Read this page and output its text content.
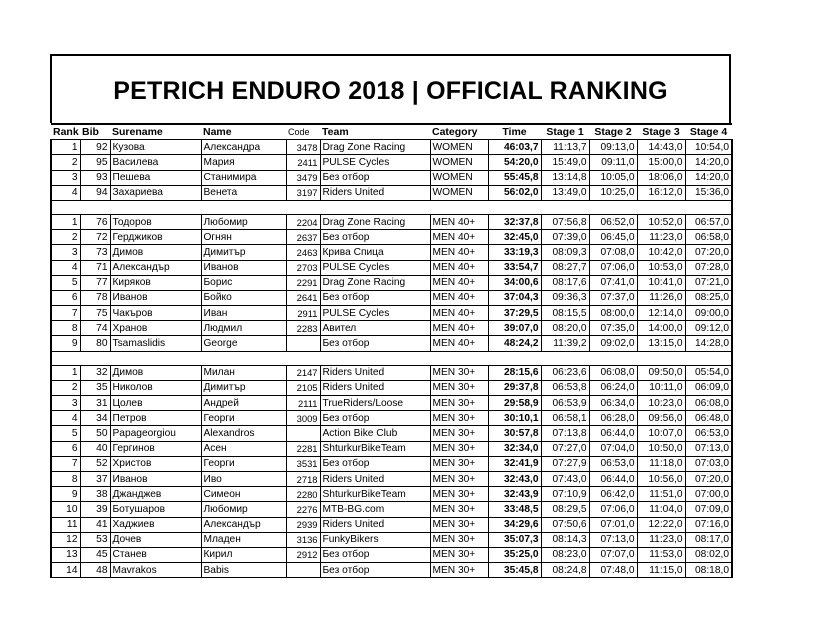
PETRICH ENDURO 2018 | OFFICIAL RANKING
Rank	Bib	Surename	Name	Code	Team	Category	Time	Stage 1	Stage 2	Stage 3	Stage 4
1	92	Кузова	Александра	3478	Drag Zone Racing	WOMEN	46:03,7	11:13,7	09:13,0	14:43,0	10:54,0
2	95	Василева	Мария	2411	PULSE Cycles	WOMEN	54:20,0	15:49,0	09:11,0	15:00,0	14:20,0
3	93	Пешева	Станимира	3479	Без отбор	WOMEN	55:45,8	13:14,8	10:05,0	18:06,0	14:20,0
4	94	Захариева	Венета	3197	Riders United	WOMEN	56:02,0	13:49,0	10:25,0	16:12,0	15:36,0

1	76	Тодоров	Любомир	2204	Drag Zone Racing	MEN 40+	32:37,8	07:56,8	06:52,0	10:52,0	06:57,0
2	72	Герджиков	Огнян	2637	Без отбор	MEN 40+	32:45,0	07:39,0	06:45,0	11:23,0	06:58,0
3	73	Димов	Димитър	2463	Крива Спица	MEN 40+	33:19,3	08:09,3	07:08,0	10:42,0	07:20,0
4	71	Александър	Иванов	2703	PULSE Cycles	MEN 40+	33:54,7	08:27,7	07:06,0	10:53,0	07:28,0
5	77	Киряков	Борис	2291	Drag Zone Racing	MEN 40+	34:00,6	08:17,6	07:41,0	10:41,0	07:21,0
6	78	Иванов	Бойко	2641	Без отбор	MEN 40+	37:04,3	09:36,3	07:37,0	11:26,0	08:25,0
7	75	Чакъров	Иван	2911	PULSE Cycles	MEN 40+	37:29,5	08:15,5	08:00,0	12:14,0	09:00,0
8	74	Хранов	Людмил	2283	Авител	MEN 40+	39:07,0	08:20,0	07:35,0	14:00,0	09:12,0
9	80	Tsamaslidis	George		Без отбор	MEN 40+	48:24,2	11:39,2	09:02,0	13:15,0	14:28,0

1	32	Димов	Милан	2147	Riders United	MEN 30+	28:15,6	06:23,6	06:08,0	09:50,0	05:54,0
2	35	Николов	Димитър	2105	Riders United	MEN 30+	29:37,8	06:53,8	06:24,0	10:11,0	06:09,0
3	31	Цолев	Андрей	2111	TrueRiders/Loose	MEN 30+	29:58,9	06:53,9	06:34,0	10:23,0	06:08,0
4	34	Петров	Георги	3009	Без отбор	MEN 30+	30:10,1	06:58,1	06:28,0	09:56,0	06:48,0
5	50	Papageorgiou	Alexandros		Action Bike Club	MEN 30+	30:57,8	07:13,8	06:44,0	10:07,0	06:53,0
6	40	Гергинов	Асен	2281	ShturkurBikeTeam	MEN 30+	32:34,0	07:27,0	07:04,0	10:50,0	07:13,0
7	52	Христов	Георги	3531	Без отбор	MEN 30+	32:41,9	07:27,9	06:53,0	11:18,0	07:03,0
8	37	Иванов	Иво	2718	Riders United	MEN 30+	32:43,0	07:43,0	06:44,0	10:56,0	07:20,0
9	38	Джанджев	Симеон	2280	ShturkurBikeTeam	MEN 30+	32:43,9	07:10,9	06:42,0	11:51,0	07:00,0
10	39	Ботушаров	Любомир	2276	MTB-BG.com	MEN 30+	33:48,5	08:29,5	07:06,0	11:04,0	07:09,0
11	41	Хаджиев	Александър	2939	Riders United	MEN 30+	34:29,6	07:50,6	07:01,0	12:22,0	07:16,0
12	53	Дочев	Младен	3136	FunkyBikers	MEN 30+	35:07,3	08:14,3	07:13,0	11:23,0	08:17,0
13	45	Станев	Кирил	2912	Без отбор	MEN 30+	35:25,0	08:23,0	07:07,0	11:53,0	08:02,0
14	48	Mavrakos	Babis		Без отбор	MEN 30+	35:45,8	08:24,8	07:48,0	11:15,0	08:18,0
